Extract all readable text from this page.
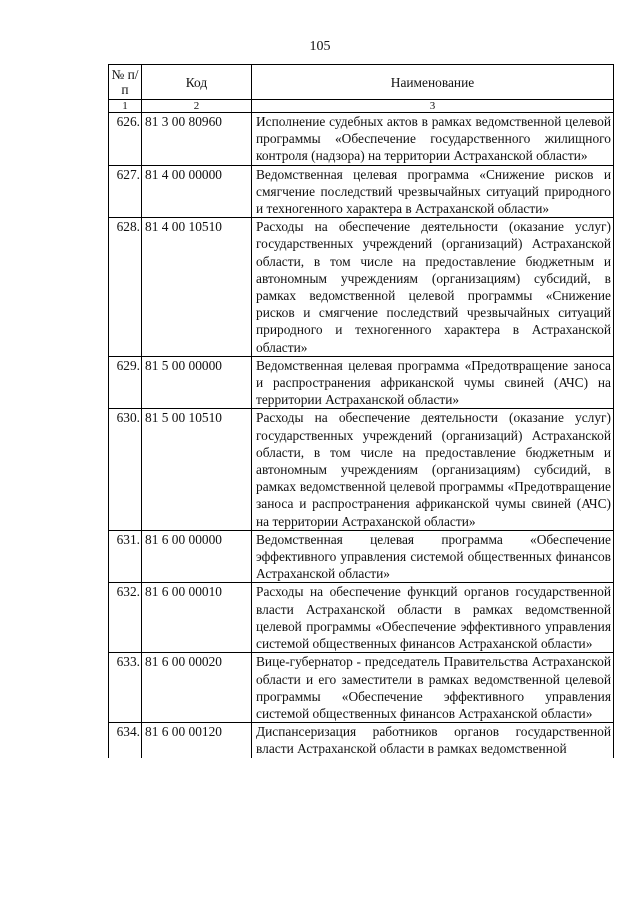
105
№ п/п	Код	Наименование
1	2	3
626.	81 3 00 80960	Исполнение судебных актов в рамках ведомственной целевой программы «Обеспечение государственного жилищного контроля (надзора) на территории Астраханской области»
627.	81 4 00 00000	Ведомственная целевая программа «Снижение рисков и смягчение последствий чрезвычайных ситуаций природного и техногенного характера в Астраханской области»
628.	81 4 00 10510	Расходы на обеспечение деятельности (оказание услуг) государственных учреждений (организаций) Астраханской области, в том числе на предоставление бюджетным и автономным учреждениям (организациям) субсидий, в рамках ведомственной целевой программы «Снижение рисков и смягчение последствий чрезвычайных ситуаций природного и техногенного характера в Астраханской области»
629.	81 5 00 00000	Ведомственная целевая программа «Предотвращение заноса и распространения африканской чумы свиней (АЧС) на территории Астраханской области»
630.	81 5 00 10510	Расходы на обеспечение деятельности (оказание услуг) государственных учреждений (организаций) Астраханской области, в том числе на предоставление бюджетным и автономным учреждениям (организациям) субсидий, в рамках ведомственной целевой программы «Предотвращение заноса и распространения африканской чумы свиней (АЧС) на территории Астраханской области»
631.	81 6 00 00000	Ведомственная целевая программа «Обеспечение эффективного управления системой общественных финансов Астраханской области»
632.	81 6 00 00010	Расходы на обеспечение функций органов государственной власти Астраханской области в рамках ведомственной целевой программы «Обеспечение эффективного управления системой общественных финансов Астраханской области»
633.	81 6 00 00020	Вице-губернатор - председатель Правительства Астраханской области и его заместители в рамках ведомственной целевой программы «Обеспечение эффективного управления системой общественных финансов Астраханской области»
634.	81 6 00 00120	Диспансеризация работников органов государственной власти Астраханской области в рамках ведомственной
